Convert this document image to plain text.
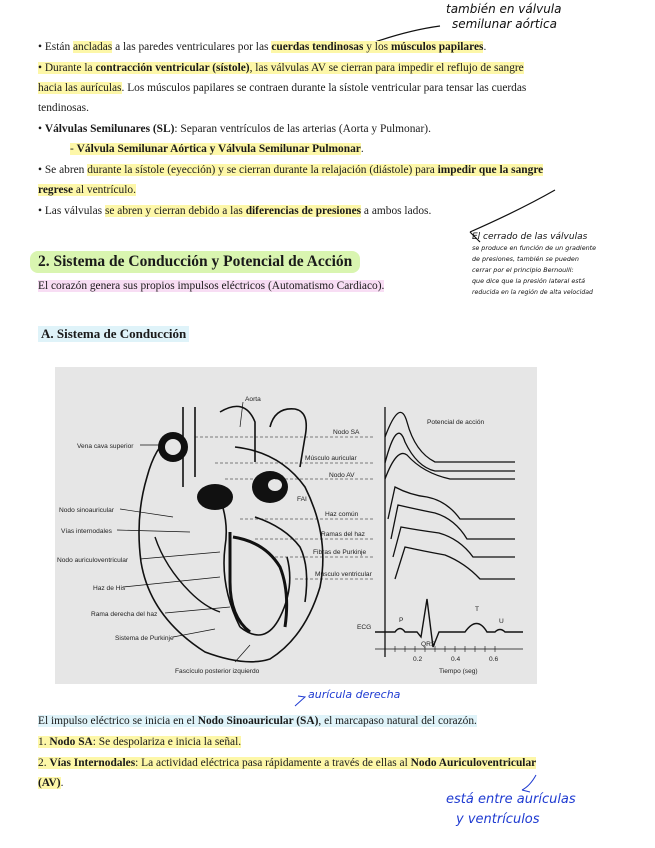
también en válvula
semilunar aórtica
• Están ancladas a las paredes ventriculares por las cuerdas tendinosas y los músculos papilares.
• Durante la contracción ventricular (sístole), las válvulas AV se cierran para impedir el reflujo de sangre
hacia las aurículas. Los músculos papilares se contraen durante la sístole ventricular para tensar las cuerdas
tendinosas.
• Válvulas Semilunares (SL): Separan ventrículos de las arterias (Aorta y Pulmonar).
- Válvula Semilunar Aórtica y Válvula Semilunar Pulmonar.
• Se abren durante la sístole (eyección) y se cierran durante la relajación (diástole) para impedir que la sangre
regrese al ventrículo.
• Las válvulas se abren y cierran debido a las diferencias de presiones a ambos lados.
El cerrado de las válvulas
se produce en función de un gradiente
de presiones, también se pueden
cerrar por el principio Bernoulli:
que dice que la presión lateral está
reducida en la región de alta velocidad
2. Sistema de Conducción y Potencial de Acción
El corazón genera sus propios impulsos eléctricos (Automatismo Cardiaco).
A. Sistema de Conducción
Vena cava superior
Nodo sinoauricular
Vías internodales
Nodo auriculoventricular
Haz de His
Rama derecha del haz
Sistema de Purkinje
Fascículo posterior izquierdo
Aorta
FAI
Nodo SA
Músculo auricular
Nodo AV
Haz común
Ramas del haz
Fibras de Purkinje
Músculo ventricular
Potencial de acción
ECG
P
QRS
T
U
0.2	0.4	0.6
Tiempo (seg)
aurícula derecha
El impulso eléctrico se inicia en el Nodo Sinoauricular (SA), el marcapaso natural del corazón.
1. Nodo SA: Se despolariza e inicia la señal.
2. Vías Internodales: La actividad eléctrica pasa rápidamente a través de ellas al Nodo Auriculoventricular
(AV).
está entre aurículas
y ventrículos
